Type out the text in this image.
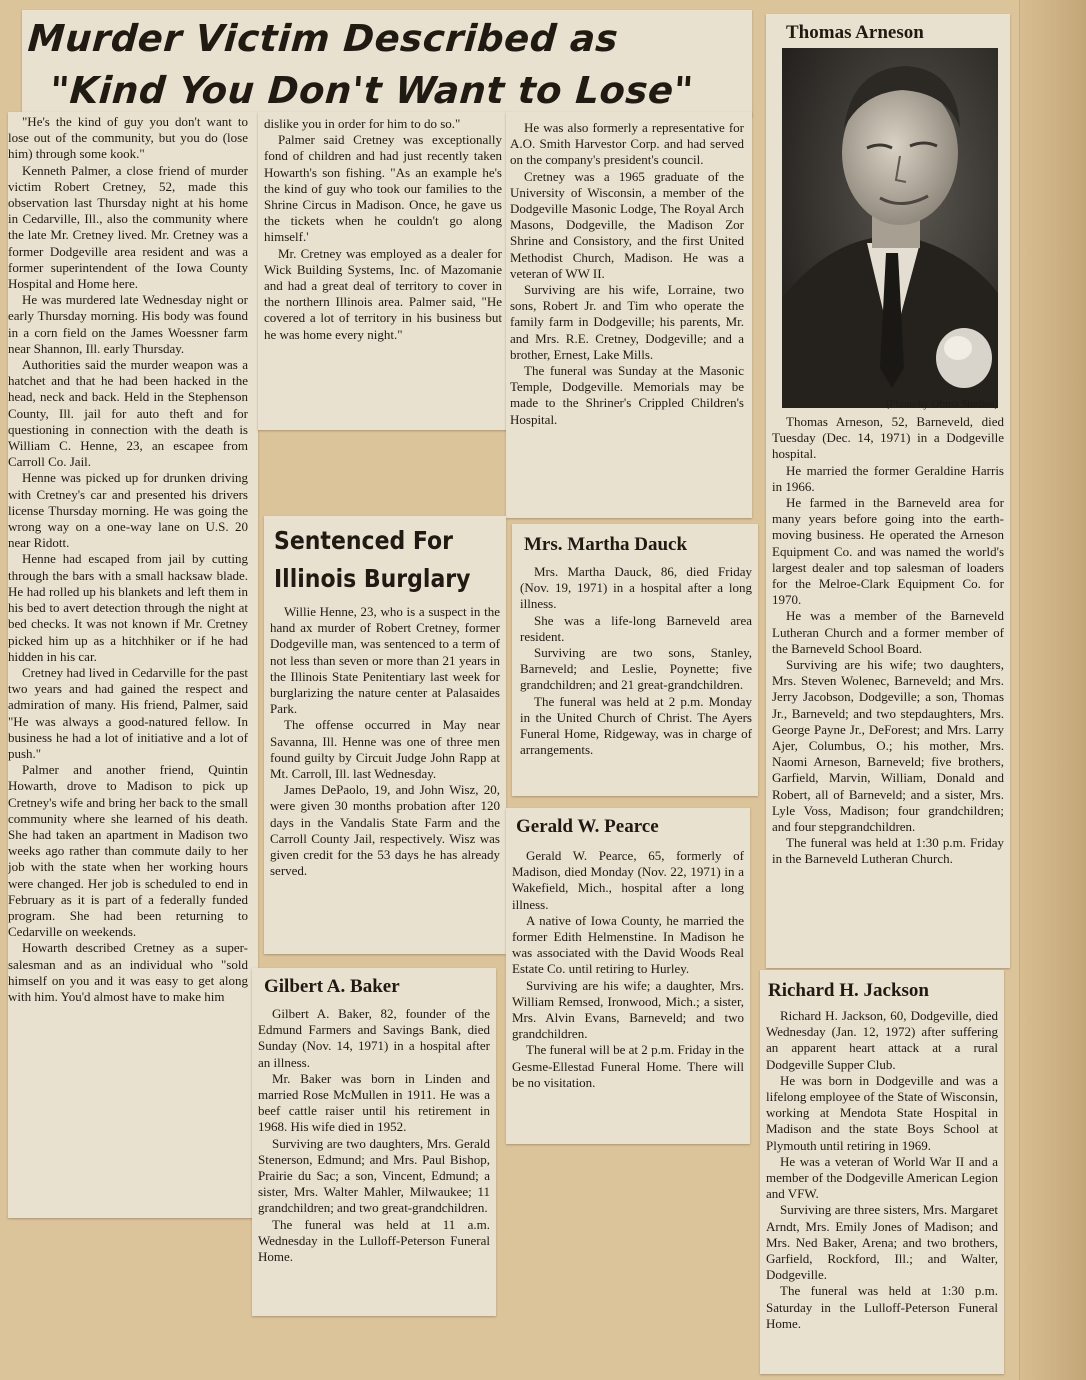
Murder Victim Described as
"Kind You Don't Want to Lose"

"He's the kind of guy you don't want to lose out of the community, but you do (lose him) through some kook."

Kenneth Palmer, a close friend of murder victim Robert Cretney, 52, made this observation last Thursday night at his home in Cedarville, Ill., also the community where the late Mr. Cretney lived. Mr. Cretney was a former Dodgeville area resident and was a former superintendent of the Iowa County Hospital and Home here.

He was murdered late Wednesday night or early Thursday morning. His body was found in a corn field on the James Woessner farm near Shannon, Ill. early Thursday.

Authorities said the murder weapon was a hatchet and that he had been hacked in the head, neck and back. Held in the Stephenson County, Ill. jail for auto theft and for questioning in connection with the death is William C. Henne, 23, an escapee from Carroll Co. Jail.

Henne was picked up for drunken driving with Cretney's car and presented his drivers license Thursday morning. He was going the wrong way on a one-way lane on U.S. 20 near Ridott.

Henne had escaped from jail by cutting through the bars with a small hacksaw blade. He had rolled up his blankets and left them in his bed to avert detection through the night at bed checks. It was not known if Mr. Cretney picked him up as a hitchhiker or if he had hidden in his car.

Cretney had lived in Cedarville for the past two years and had gained the respect and admiration of many. His friend, Palmer, said "He was always a good-natured fellow. In business he had a lot of initiative and a lot of push."

Palmer and another friend, Quintin Howarth, drove to Madison to pick up Cretney's wife and bring her back to the small community where she learned of his death. She had taken an apartment in Madison two weeks ago rather than commute daily to her job with the state when her working hours were changed. Her job is scheduled to end in February as it is part of a federally funded program. She had been returning to Cedarville on weekends.

Howarth described Cretney as a super-salesman and as an individual who "sold himself on you and it was easy to get along with him. You'd almost have to make him

dislike you in order for him to do so."

Palmer said Cretney was exceptionally fond of children and had just recently taken Howarth's son fishing. "As an example he's the kind of guy who took our families to the Shrine Circus in Madison. Once, he gave us the tickets when he couldn't go along himself.'

Mr. Cretney was employed as a dealer for Wick Building Systems, Inc. of Mazomanie and had a great deal of territory to cover in the northern Illinois area. Palmer said, "He covered a lot of territory in his business but he was home every night."

He was also formerly a representative for A.O. Smith Harvestor Corp. and had served on the company's president's council.

Cretney was a 1965 graduate of the University of Wisconsin, a member of the Dodgeville Masonic Lodge, The Royal Arch Masons, Dodgeville, the Madison Zor Shrine and Consistory, and the first United Methodist Church, Madison. He was a veteran of WW II.

Surviving are his wife, Lorraine, two sons, Robert Jr. and Tim who operate the family farm in Dodgeville; his parents, Mr. and Mrs. R.E. Cretney, Dodgeville; and a brother, Ernest, Lake Mills.

The funeral was Sunday at the Masonic Temple, Dodgeville. Memorials may be made to the Shriner's Crippled Children's Hospital.

Sentenced For
Illinois Burglary

Willie Henne, 23, who is a suspect in the hand ax murder of Robert Cretney, former Dodgeville man, was sentenced to a term of not less than seven or more than 21 years in the Illinois State Penitentiary last week for burglarizing the nature center at Palasaides Park.

The offense occurred in May near Savanna, Ill. Henne was one of three men found guilty by Circuit Judge John Rapp at Mt. Carroll, Ill. last Wednesday.

James DePaolo, 19, and John Wisz, 20, were given 30 months probation after 120 days in the Vandalis State Farm and the Carroll County Jail, respectively. Wisz was given credit for the 53 days he has already served.

Gilbert A. Baker

Gilbert A. Baker, 82, founder of the Edmund Farmers and Savings Bank, died Sunday (Nov. 14, 1971) in a hospital after an illness.

Mr. Baker was born in Linden and married Rose McMullen in 1911. He was a beef cattle raiser until his retirement in 1968. His wife died in 1952.

Surviving are two daughters, Mrs. Gerald Stenerson, Edmund; and Mrs. Paul Bishop, Prairie du Sac; a son, Vincent, Edmund; a sister, Mrs. Walter Mahler, Milwaukee; 11 grandchildren; and two great-grandchildren.

The funeral was held at 11 a.m. Wednesday in the Lulloff-Peterson Funeral Home.

Mrs. Martha Dauck

Mrs. Martha Dauck, 86, died Friday (Nov. 19, 1971) in a hospital after a long illness.

She was a life-long Barneveld area resident.

Surviving are two sons, Stanley, Barneveld; and Leslie, Poynette; five grandchildren; and 21 great-grandchildren.

The funeral was held at 2 p.m. Monday in the United Church of Christ. The Ayers Funeral Home, Ridgeway, was in charge of arrangements.

Gerald W. Pearce

Gerald W. Pearce, 65, formerly of Madison, died Monday (Nov. 22, 1971) in a Wakefield, Mich., hospital after a long illness.

A native of Iowa County, he married the former Edith Helmenstine. In Madison he was associated with the David Woods Real Estate Co. until retiring to Hurley.

Surviving are his wife; a daughter, Mrs. William Remsed, Ironwood, Mich.; a sister, Mrs. Alvin Evans, Barneveld; and two grandchildren.

The funeral will be at 2 p.m. Friday in the Gesme-Ellestad Funeral Home. There will be no visitation.

Thomas Arneson

(Photo by Obma Studios)

Thomas Arneson, 52, Barneveld, died Tuesday (Dec. 14, 1971) in a Dodgeville hospital.

He married the former Geraldine Harris in 1966.

He farmed in the Barneveld area for many years before going into the earth-moving business. He operated the Arneson Equipment Co. and was named the world's largest dealer and top salesman of loaders for the Melroe-Clark Equipment Co. for 1970.

He was a member of the Barneveld Lutheran Church and a former member of the Barneveld School Board.

Surviving are his wife; two daughters, Mrs. Steven Wolenec, Barneveld; and Mrs. Jerry Jacobson, Dodgeville; a son, Thomas Jr., Barneveld; and two stepdaughters, Mrs. George Payne Jr., DeForest; and Mrs. Larry Ajer, Columbus, O.; his mother, Mrs. Naomi Arneson, Barneveld; five brothers, Garfield, Marvin, William, Donald and Robert, all of Barneveld; and a sister, Mrs. Lyle Voss, Madison; four grandchildren; and four stepgrandchildren.

The funeral was held at 1:30 p.m. Friday in the Barneveld Lutheran Church.

Richard H. Jackson

Richard H. Jackson, 60, Dodgeville, died Wednesday (Jan. 12, 1972) after suffering an apparent heart attack at a rural Dodgeville Supper Club.

He was born in Dodgeville and was a lifelong employee of the State of Wisconsin, working at Mendota State Hospital in Madison and the state Boys School at Plymouth until retiring in 1969.

He was a veteran of World War II and a member of the Dodgeville American Legion and VFW.

Surviving are three sisters, Mrs. Margaret Arndt, Mrs. Emily Jones of Madison; and Mrs. Ned Baker, Arena; and two brothers, Garfield, Rockford, Ill.; and Walter, Dodgeville.

The funeral was held at 1:30 p.m. Saturday in the Lulloff-Peterson Funeral Home.
